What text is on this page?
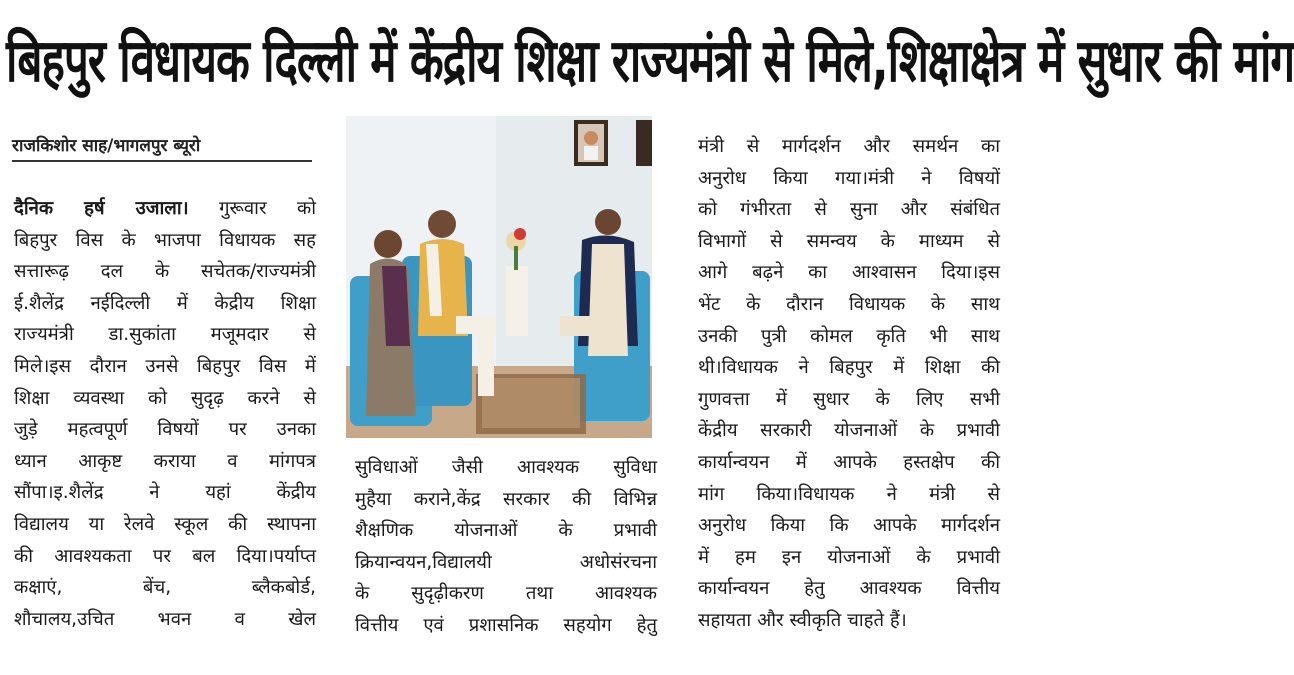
बिहपुर विधायक दिल्ली में केंद्रीय शिक्षा राज्यमंत्री से मिले,शिक्षाक्षेत्र में सुधार की मांग
राजकिशोर साह/भागलपुर ब्यूरो
दैनिक हर्ष उजाला। गुरूवार को
बिहपुर विस के भाजपा विधायक सह
सत्तारूढ़ दल के सचेतक/राज्यमंत्री
ई.शैलेंद्र नईदिल्ली में केद्रीय शिक्षा
राज्यमंत्री डा.सुकांता मजूमदार से
मिले।इस दौरान उनसे बिहपुर विस में
शिक्षा व्यवस्था को सुदृढ़ करने से
जुड़े महत्वपूर्ण विषयों पर उनका
ध्यान आकृष्ट कराया व मांगपत्र
सौंपा।इ.शैलेंद्र ने यहां केंद्रीय
विद्यालय या रेलवे स्कूल की स्थापना
की आवश्यकता पर बल दिया।पर्याप्त
कक्षाएं, बेंच, ब्लैकबोर्ड,
शौचालय,उचित भवन व खेल
सुविधाओं जैसी आवश्यक सुविधा
मुहैया कराने,केंद्र सरकार की विभिन्न
शैक्षणिक योजनाओं के प्रभावी
क्रियान्वयन,विद्यालयी अधोसंरचना
के सुदृढ़ीकरण तथा आवश्यक
वित्तीय एवं प्रशासनिक सहयोग हेतु
मंत्री से मार्गदर्शन और समर्थन का
अनुरोध किया गया।मंत्री ने विषयों
को गंभीरता से सुना और संबंधित
विभागों से समन्वय के माध्यम से
आगे बढ़ने का आश्वासन दिया।इस
भेंट के दौरान विधायक के साथ
उनकी पुत्री कोमल कृति भी साथ
थी।विधायक ने बिहपुर में शिक्षा की
गुणवत्ता में सुधार के लिए सभी
केंद्रीय सरकारी योजनाओं के प्रभावी
कार्यान्वयन में आपके हस्तक्षेप की
मांग किया।विधायक ने मंत्री से
अनुरोध किया कि आपके मार्गदर्शन
में हम इन योजनाओं के प्रभावी
कार्यान्वयन हेतु आवश्यक वित्तीय
सहायता और स्वीकृति चाहते हैं।
